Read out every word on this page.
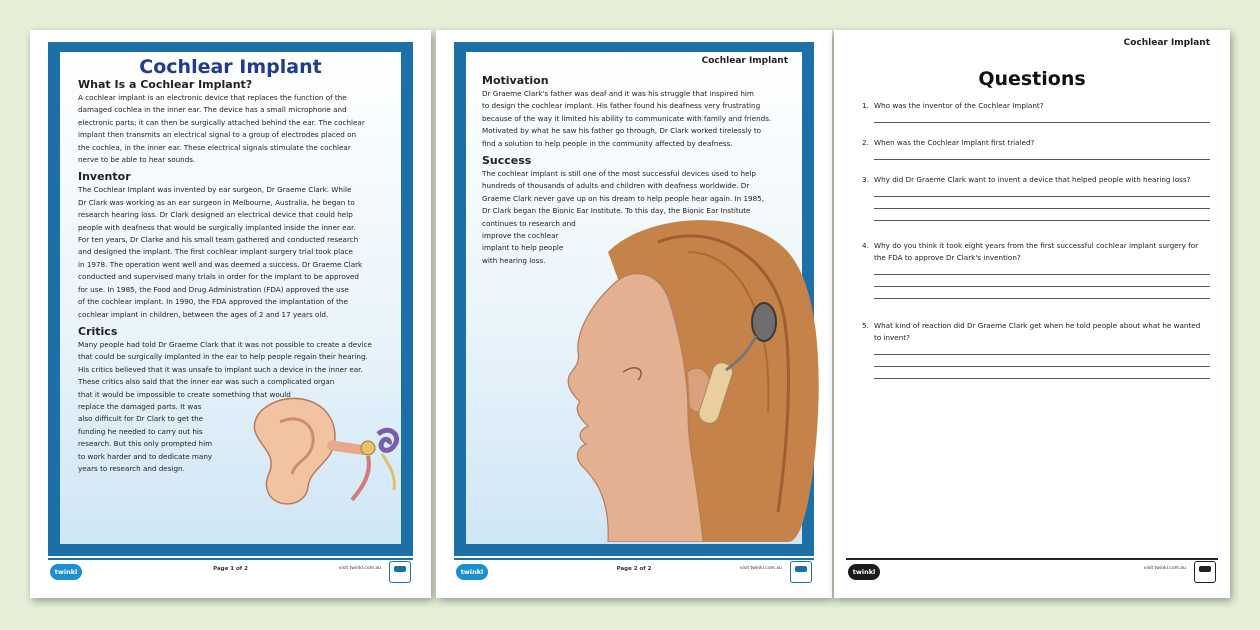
Cochlear Implant
What Is a Cochlear Implant?

A cochlear implant is an electronic device that replaces the function of the

damaged cochlea in the inner ear. The device has a small microphone and

electronic parts; it can then be surgically attached behind the ear. The cochlear

implant then transmits an electrical signal to a group of electrodes placed on

the cochlea, in the inner ear. These electrical signals stimulate the cochlear

nerve to be able to hear sounds.

Inventor

The Cochlear Implant was invented by ear surgeon, Dr Graeme Clark. While

Dr Clark was working as an ear surgeon in Melbourne, Australia, he began to

research hearing loss. Dr Clark designed an electrical device that could help

people with deafness that would be surgically implanted inside the inner ear.

For ten years, Dr Clarke and his small team gathered and conducted research

and designed the implant. The first cochlear implant surgery trial took place

in 1978. The operation went well and was deemed a success. Dr Graeme Clark

conducted and supervised many trials in order for the implant to be approved

for use. In 1985, the Food and Drug Administration (FDA) approved the use

of the cochlear implant. In 1990, the FDA approved the implantation of the

cochlear implant in children, between the ages of 2 and 17 years old.

Critics

Many people had told Dr Graeme Clark that it was not possible to create a device

that could be surgically implanted in the ear to help people regain their hearing.

His critics believed that it was unsafe to implant such a device in the inner ear.

These critics also said that the inner ear was such a complicated organ

that it would be impossible to create something that would

replace the damaged parts. It was

also difficult for Dr Clark to get the

funding he needed to carry out his

research. But this only prompted him

to work harder and to dedicate many

years to research and design.

twinkl	Page 1 of 2	visit twinkl.com.au
Cochlear Implant
Motivation

Dr Graeme Clark's father was deaf and it was his struggle that inspired him

to design the cochlear implant. His father found his deafness very frustrating

because of the way it limited his ability to communicate with family and friends.

Motivated by what he saw his father go through, Dr Clark worked tirelessly to

find a solution to help people in the community affected by deafness.

Success

The cochlear implant is still one of the most successful devices used to help

hundreds of thousands of adults and children with deafness worldwide. Dr

Graeme Clark never gave up on his dream to help people hear again. In 1985,

Dr Clark began the Bionic Ear Institute. To this day, the Bionic Ear Institute

continues to research and

improve the cochlear

implant to help people

with hearing loss.

twinkl	Page 2 of 2	visit twinkl.com.au
Cochlear Implant
Questions

1. Who was the inventor of the Cochlear Implant?

2. When was the Cochlear Implant first trialed?

3. Why did Dr Graeme Clark want to invent a device that helped people with hearing loss?

4. Why do you think it took eight years from the first successful cochlear implant surgery for

the FDA to approve Dr Clark's invention?

5. What kind of reaction did Dr Graeme Clark get when he told people about what he wanted

to invent?

twinkl	visit twinkl.com.au
